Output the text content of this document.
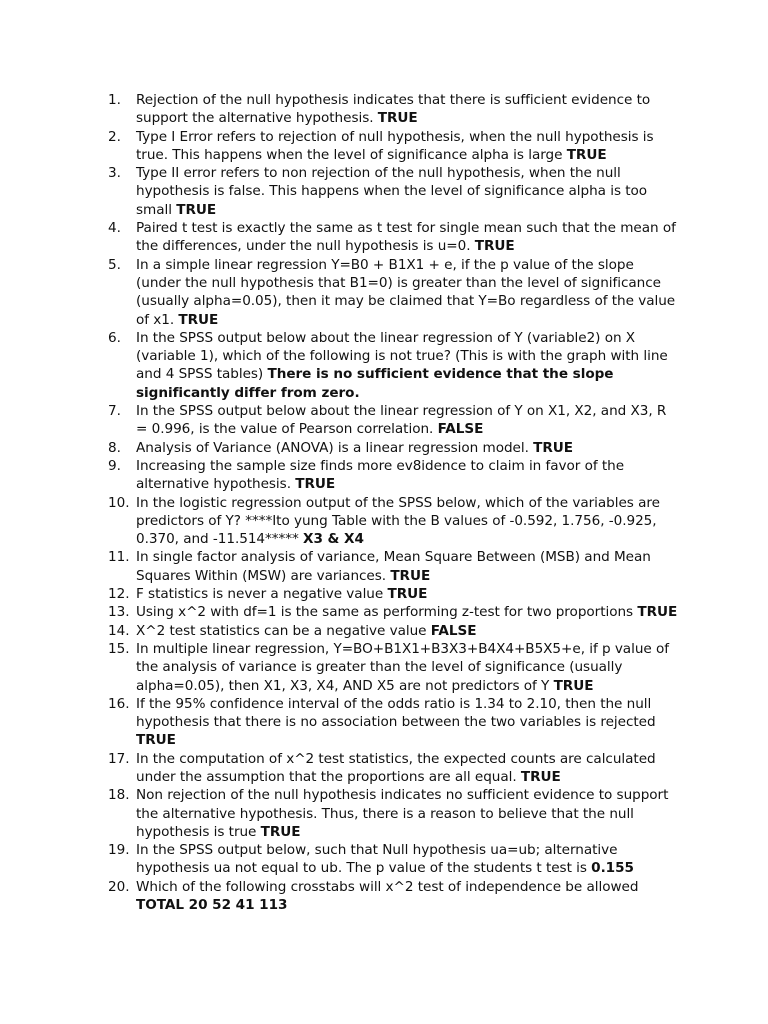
1.	Rejection of the null hypothesis indicates that there is sufficient evidence to support the alternative hypothesis. TRUE
2.	Type I Error refers to rejection of null hypothesis, when the null hypothesis is true. This happens when the level of significance alpha is large TRUE
3.	Type II error refers to non rejection of the null hypothesis, when the null hypothesis is false. This happens when the level of significance alpha is too small TRUE
4.	Paired t test is exactly the same as t test for single mean such that the mean of the differences, under the null hypothesis is u=0. TRUE
5.	In a simple linear regression Y=B0 + B1X1 + e, if the p value of the slope (under the null hypothesis that B1=0) is greater than the level of significance (usually alpha=0.05), then it may be claimed that Y=Bo regardless of the value of x1. TRUE
6.	In the SPSS output below about the linear regression of Y (variable2) on X (variable 1), which of the following is not true? (This is with the graph with line and 4 SPSS tables) There is no sufficient evidence that the slope significantly differ from zero.
7.	In the SPSS output below about the linear regression of Y on X1, X2, and X3, R = 0.996, is the value of Pearson correlation. FALSE
8.	Analysis of Variance (ANOVA) is a linear regression model. TRUE
9.	Increasing the sample size finds more ev8idence to claim in favor of the alternative hypothesis. TRUE
10. In the logistic regression output of the SPSS below, which of the variables are predictors of Y? ****Ito yung Table with the B values of -0.592, 1.756, -0.925, 0.370, and -11.514***** X3 & X4
11. In single factor analysis of variance, Mean Square Between (MSB) and Mean Squares Within (MSW) are variances. TRUE
12. F statistics is never a negative value TRUE
13. Using x^2 with df=1 is the same as performing z-test for two proportions TRUE
14. X^2 test statistics can be a negative value FALSE
15. In multiple linear regression, Y=BO+B1X1+B3X3+B4X4+B5X5+e, if p value of the analysis of variance is greater than the level of significance (usually alpha=0.05), then X1, X3, X4, AND X5 are not predictors of Y TRUE
16. If the 95% confidence interval of the odds ratio is 1.34 to 2.10, then the null hypothesis that there is no association between the two variables is rejected TRUE
17. In the computation of x^2 test statistics, the expected counts are calculated under the assumption that the proportions are all equal. TRUE
18. Non rejection of the null hypothesis indicates no sufficient evidence to support the alternative hypothesis. Thus, there is a reason to believe that the null hypothesis is true TRUE
19. In the SPSS output below, such that Null hypothesis ua=ub; alternative hypothesis ua not equal to ub. The p value of the students t test is 0.155
20. Which of the following crosstabs will x^2 test of independence be allowed TOTAL 20 52 41 113
